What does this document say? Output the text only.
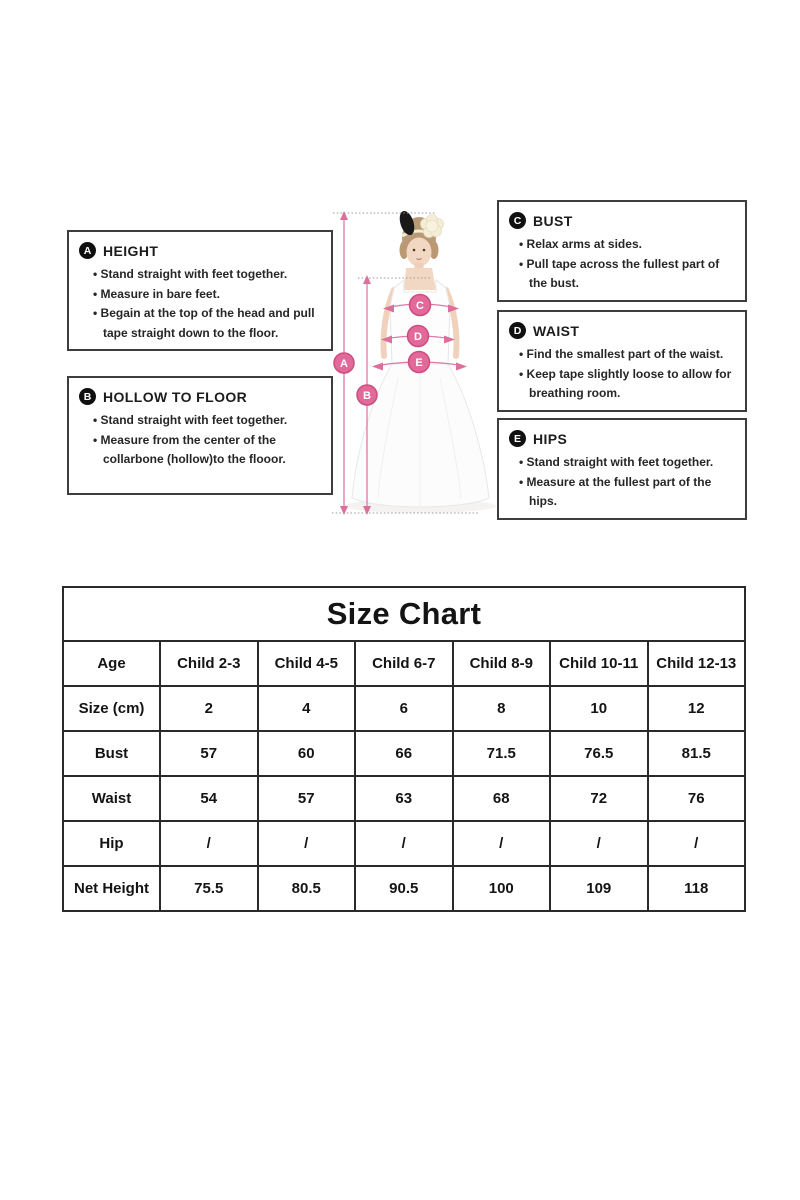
A HEIGHT
• Stand straight with feet together.
• Measure in bare feet.
• Begain at the top of the head and pull tape straight down to the floor.
B HOLLOW TO FLOOR
• Stand straight with feet together.
• Measure from the center of the collarbone (hollow)to the flooor.
C BUST
• Relax arms at sides.
• Pull tape across the fullest part of the bust.
D WAIST
• Find the smallest part of the waist.
• Keep tape slightly loose to allow for breathing room.
E HIPS
• Stand straight with feet together.
• Measure at the fullest part of the hips.
A
B
C
D
E
Size Chart						
Age	Child 2-3	Child 4-5	Child 6-7	Child 8-9	Child 10-11	Child 12-13
Size (cm)	2	4	6	8	10	12
Bust	57	60	66	71.5	76.5	81.5
Waist	54	57	63	68	72	76
Hip	/	/	/	/	/	/
Net Height	75.5	80.5	90.5	100	109	118
